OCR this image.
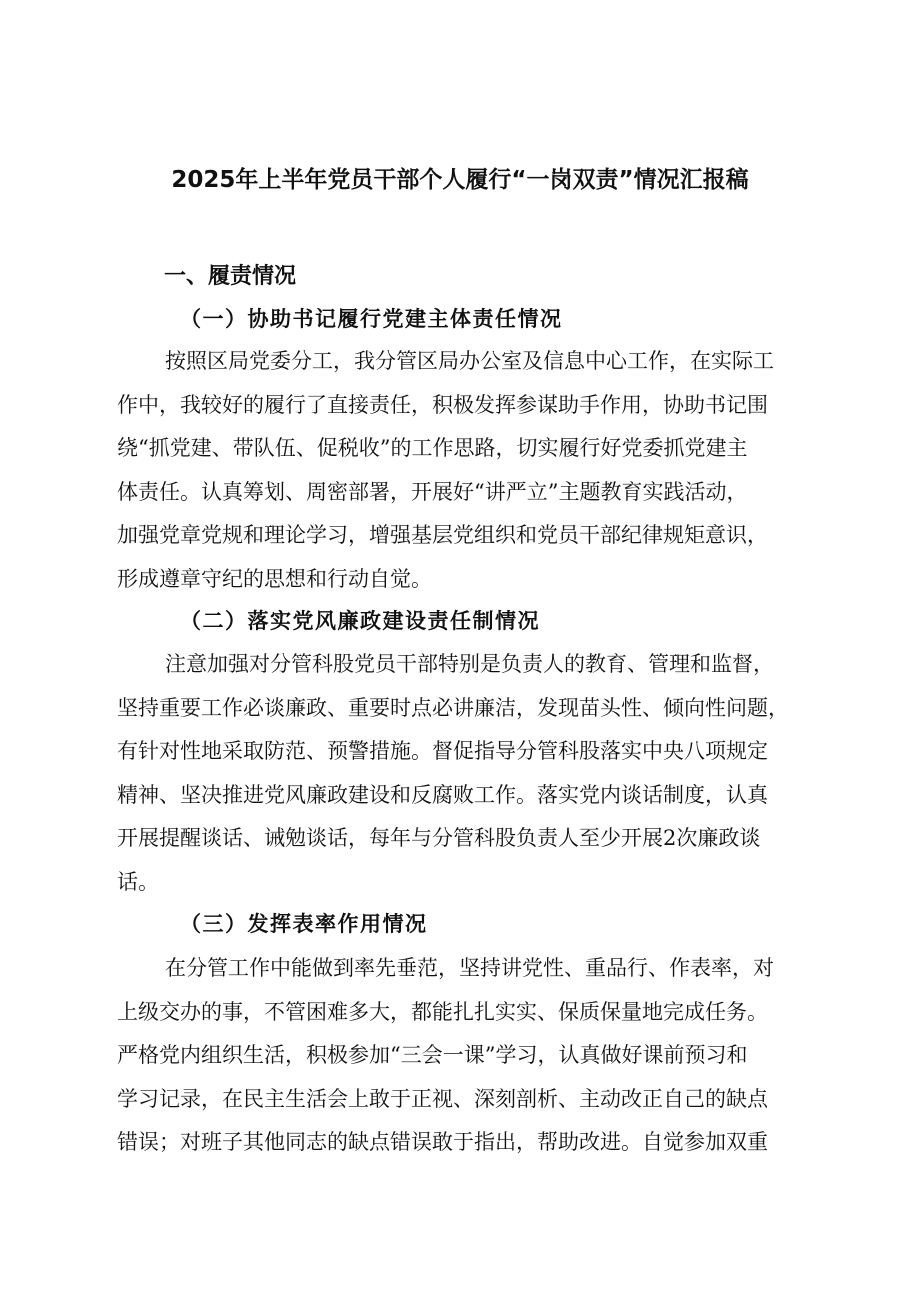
2025年上半年党员干部个人履行“一岗双责”情况汇报稿
一、履责情况
（一）协助书记履行党建主体责任情况
按照区局党委分工，我分管区局办公室及信息中心工作，在实际工
作中，我较好的履行了直接责任，积极发挥参谋助手作用，协助书记围
绕“抓党建、带队伍、促税收”的工作思路，切实履行好党委抓党建主
体责任。认真筹划、周密部署，开展好“讲严立”主题教育实践活动，
加强党章党规和理论学习，增强基层党组织和党员干部纪律规矩意识，
形成遵章守纪的思想和行动自觉。
（二）落实党风廉政建设责任制情况
注意加强对分管科股党员干部特别是负责人的教育、管理和监督，
坚持重要工作必谈廉政、重要时点必讲廉洁，发现苗头性、倾向性问题，
有针对性地采取防范、预警措施。督促指导分管科股落实中央八项规定
精神、坚决推进党风廉政建设和反腐败工作。落实党内谈话制度，认真
开展提醒谈话、诫勉谈话，每年与分管科股负责人至少开展2次廉政谈
话。
（三）发挥表率作用情况
在分管工作中能做到率先垂范，坚持讲党性、重品行、作表率，对
上级交办的事，不管困难多大，都能扎扎实实、保质保量地完成任务。
严格党内组织生活，积极参加“三会一课”学习，认真做好课前预习和
学习记录，在民主生活会上敢于正视、深刻剖析、主动改正自己的缺点
错误；对班子其他同志的缺点错误敢于指出，帮助改进。自觉参加双重
